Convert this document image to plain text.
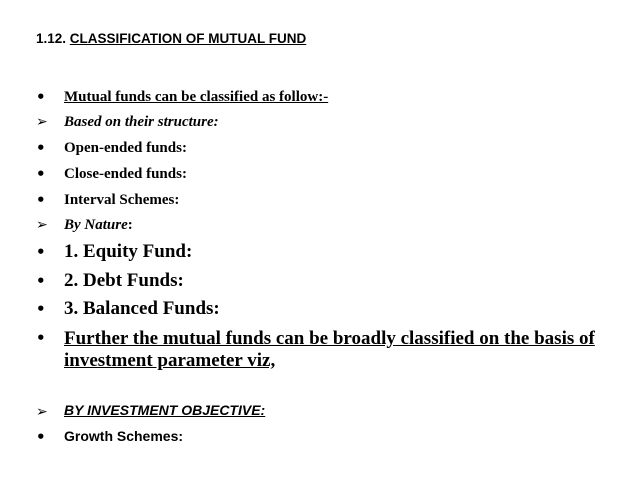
1.12. CLASSIFICATION OF MUTUAL FUND
• Mutual funds can be classified as follow:-
➢ Based on their structure:
• Open-ended funds:
• Close-ended funds:
• Interval Schemes:
➢ By Nature:
• 1. Equity Fund:
• 2. Debt Funds:
• 3. Balanced Funds:
• Further the mutual funds can be broadly classified on the basis of investment parameter viz,
➢ BY INVESTMENT OBJECTIVE:
• Growth Schemes:
